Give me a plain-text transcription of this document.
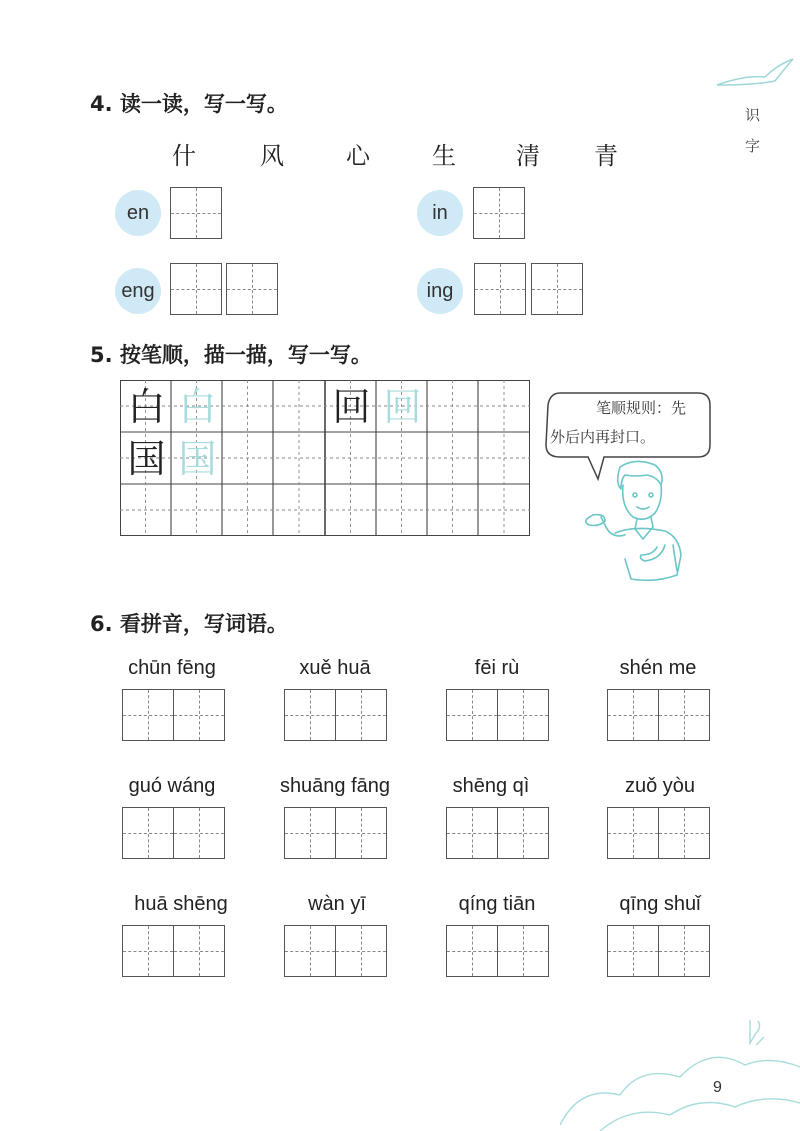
识
字
4. 读一读，写一写。
什	风	心	生	清	青
en	in
eng	ing
5. 按笔顺，描一描，写一写。
白 白	回 回
国 国
笔顺规则：先
外后内再封口。
6. 看拼音，写词语。
chūn fēng	xuě huā	fēi rù	shén me
guó wáng	shuāng fāng	shēng qì	zuǒ yòu
huā shēng	wàn yī	qíng tiān	qīng shuǐ
9
